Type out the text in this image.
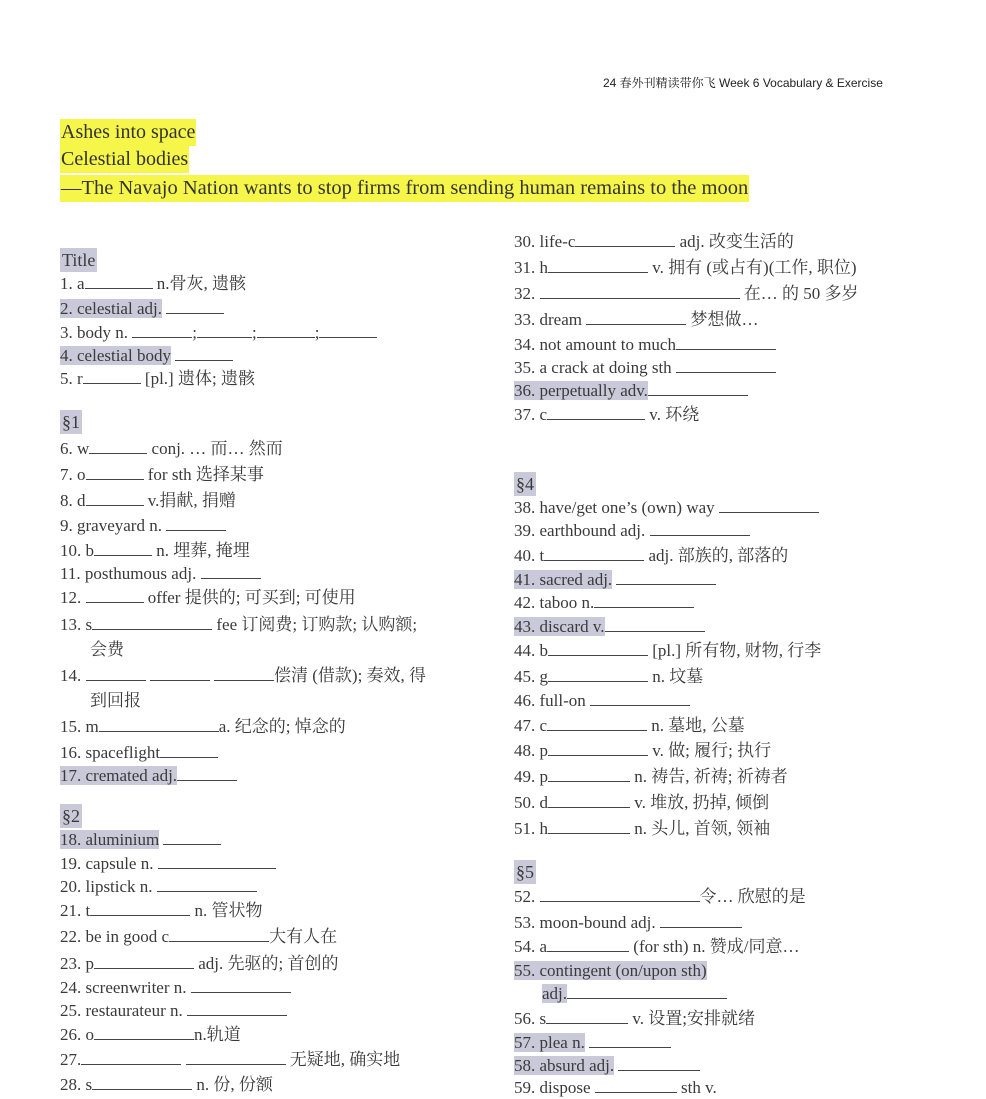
24 春外刊精读带你飞 Week 6 Vocabulary & Exercise
Ashes into space
Celestial bodies
—The Navajo Nation wants to stop firms from sending human remains to the moon
Title
1. a	n.骨灰, 遗骸
2. celestial adj.
3. body n.	;	;	;
4. celestial body
5. r	[pl.] 遗体; 遗骸
§1
6. w	conj. … 而… 然而
7. o	for sth 选择某事
8. d	v.捐献, 捐赠
9. graveyard n.
10. b	n. 埋葬, 掩埋
11. posthumous adj.
12.	offer 提供的; 可买到; 可使用
13. s	fee 订阅费; 订购款; 认购额;
会费
14.	偿清 (借款); 奏效, 得
到回报
15. m	a. 纪念的; 悼念的
16. spaceflight
17. cremated adj.
§2
18. aluminium
19. capsule n.
20. lipstick n.
21. t	n. 管状物
22. be in good c	大有人在
23. p	adj. 先驱的; 首创的
24. screenwriter n.
25. restaurateur n.
26. o	n.轨道
27.	无疑地, 确实地
28. s	n. 份, 份额
30. life-c	adj. 改变生活的
31. h	v. 拥有 (或占有)(工作, 职位)
32.	在… 的 50 多岁
33. dream	梦想做…
34. not amount to much
35. a crack at doing sth
36. perpetually adv.
37. c	v. 环绕
§4
38. have/get one’s (own) way
39. earthbound adj.
40. t	adj. 部族的, 部落的
41. sacred adj.
42. taboo n.
43. discard v.
44. b	[pl.] 所有物, 财物, 行李
45. g	n. 坟墓
46. full-on
47. c	n. 墓地, 公墓
48. p	v. 做; 履行; 执行
49. p	n. 祷告, 祈祷; 祈祷者
50. d	v. 堆放, 扔掉, 倾倒
51. h	n. 头儿, 首领, 领袖
§5
52.	令… 欣慰的是
53. moon-bound adj.
54. a	(for sth) n. 赞成/同意…
55. contingent (on/upon sth)
adj.
56. s	v. 设置;安排就绪
57. plea n.
58. absurd adj.
59. dispose	sth v.
